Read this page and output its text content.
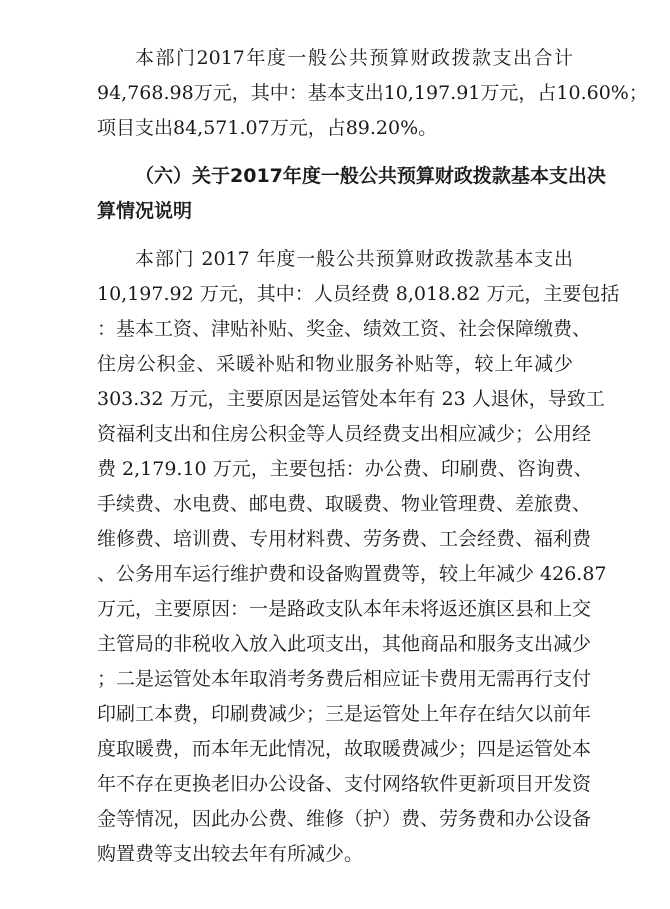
本部门2017年度一般公共预算财政拨款支出合计
94,768.98万元，其中：基本支出10,197.91万元，占10.60%；
项目支出84,571.07万元，占89.20%。
（六）关于2017年度一般公共预算财政拨款基本支出决
算情况说明
本部门 2017 年度一般公共预算财政拨款基本支出
10,197.92 万元，其中：人员经费 8,018.82 万元，主要包括
：基本工资、津贴补贴、奖金、绩效工资、社会保障缴费、
住房公积金、采暖补贴和物业服务补贴等，较上年减少
303.32 万元，主要原因是运管处本年有 23 人退休，导致工
资福利支出和住房公积金等人员经费支出相应减少；公用经
费 2,179.10 万元，主要包括：办公费、印刷费、咨询费、
手续费、水电费、邮电费、取暖费、物业管理费、差旅费、
维修费、培训费、专用材料费、劳务费、工会经费、福利费
、公务用车运行维护费和设备购置费等，较上年减少 426.87
万元，主要原因：一是路政支队本年未将返还旗区县和上交
主管局的非税收入放入此项支出，其他商品和服务支出减少
；二是运管处本年取消考务费后相应证卡费用无需再行支付
印刷工本费，印刷费减少；三是运管处上年存在结欠以前年
度取暖费，而本年无此情况，故取暖费减少；四是运管处本
年不存在更换老旧办公设备、支付网络软件更新项目开发资
金等情况，因此办公费、维修（护）费、劳务费和办公设备
购置费等支出较去年有所减少。
